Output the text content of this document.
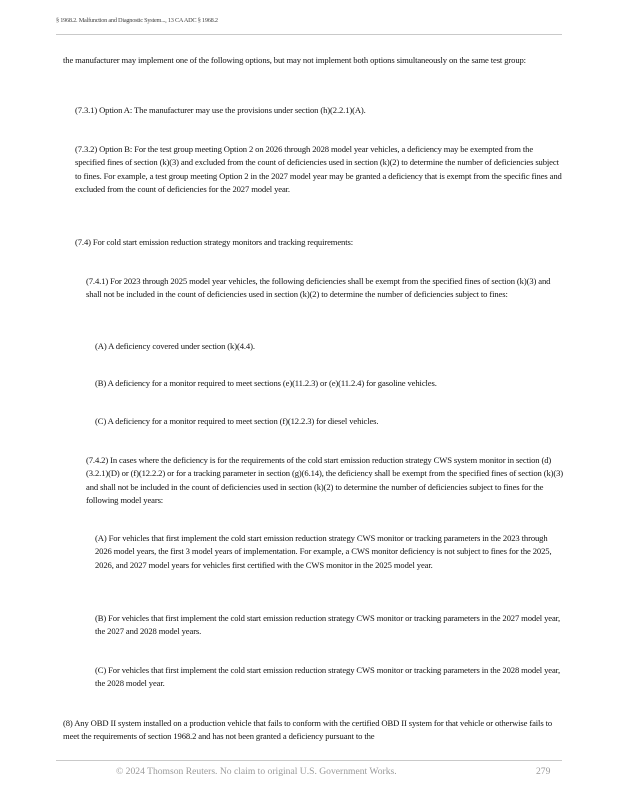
§ 1968.2. Malfunction and Diagnostic System..., 13 CA ADC § 1968.2

the manufacturer may implement one of the following options, but may not implement both options simultaneously on the same test group:

(7.3.1) Option A: The manufacturer may use the provisions under section (h)(2.2.1)(A).

(7.3.2) Option B: For the test group meeting Option 2 on 2026 through 2028 model year vehicles, a deficiency may be exempted from the specified fines of section (k)(3) and excluded from the count of deficiencies used in section (k)(2) to determine the number of deficiencies subject to fines. For example, a test group meeting Option 2 in the 2027 model year may be granted a deficiency that is exempt from the specific fines and excluded from the count of deficiencies for the 2027 model year.

(7.4) For cold start emission reduction strategy monitors and tracking requirements:

(7.4.1) For 2023 through 2025 model year vehicles, the following deficiencies shall be exempt from the specified fines of section (k)(3) and shall not be included in the count of deficiencies used in section (k)(2) to determine the number of deficiencies subject to fines:

(A) A deficiency covered under section (k)(4.4).

(B) A deficiency for a monitor required to meet sections (e)(11.2.3) or (e)(11.2.4) for gasoline vehicles.

(C) A deficiency for a monitor required to meet section (f)(12.2.3) for diesel vehicles.

(7.4.2) In cases where the deficiency is for the requirements of the cold start emission reduction strategy CWS system monitor in section (d)(3.2.1)(D) or (f)(12.2.2) or for a tracking parameter in section (g)(6.14), the deficiency shall be exempt from the specified fines of section (k)(3) and shall not be included in the count of deficiencies used in section (k)(2) to determine the number of deficiencies subject to fines for the following model years:

(A) For vehicles that first implement the cold start emission reduction strategy CWS monitor or tracking parameters in the 2023 through 2026 model years, the first 3 model years of implementation. For example, a CWS monitor deficiency is not subject to fines for the 2025, 2026, and 2027 model years for vehicles first certified with the CWS monitor in the 2025 model year.

(B) For vehicles that first implement the cold start emission reduction strategy CWS monitor or tracking parameters in the 2027 model year, the 2027 and 2028 model years.

(C) For vehicles that first implement the cold start emission reduction strategy CWS monitor or tracking parameters in the 2028 model year, the 2028 model year.

(8) Any OBD II system installed on a production vehicle that fails to conform with the certified OBD II system for that vehicle or otherwise fails to meet the requirements of section 1968.2 and has not been granted a deficiency pursuant to the

© 2024 Thomson Reuters. No claim to original U.S. Government Works.	279
